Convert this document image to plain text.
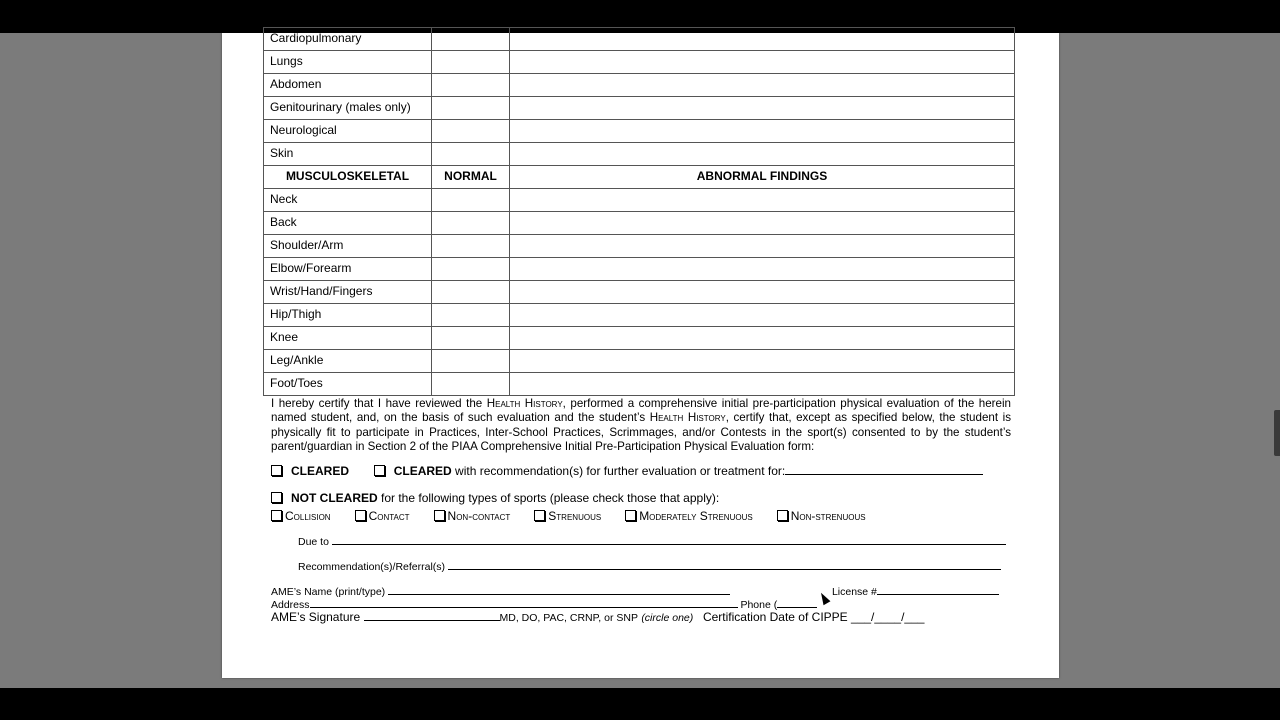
Cardiopulmonary		
Lungs		
Abdomen		
Genitourinary (males only)		
Neurological		
Skin		
MUSCULOSKELETAL	NORMAL	ABNORMAL FINDINGS
Neck		
Back		
Shoulder/Arm		
Elbow/Forearm		
Wrist/Hand/Fingers		
Hip/Thigh		
Knee		
Leg/Ankle		
Foot/Toes		
I hereby certify that I have reviewed the Health History, performed a comprehensive initial pre-participation physical evaluation of the herein named student, and, on the basis of such evaluation and the student’s Health History, certify that, except as specified below, the student is physically fit to participate in Practices, Inter-School Practices, Scrimmages, and/or Contests in the sport(s) consented to by the student’s parent/guardian in Section 2 of the PIAA Comprehensive Initial Pre-Participation Physical Evaluation form:
CLEARED	CLEARED with recommendation(s) for further evaluation or treatment for:
NOT CLEARED for the following types of sports (please check those that apply):
Collision	Contact	Non-contact	Strenuous	Moderately Strenuous	Non-strenuous
Due to
Recommendation(s)/Referral(s)
AME’s Name (print/type)	License #
Address	Phone (
AME’s Signature	MD, DO, PAC, CRNP, or SNP (circle one) Certification Date of CIPPE ___/____/___
